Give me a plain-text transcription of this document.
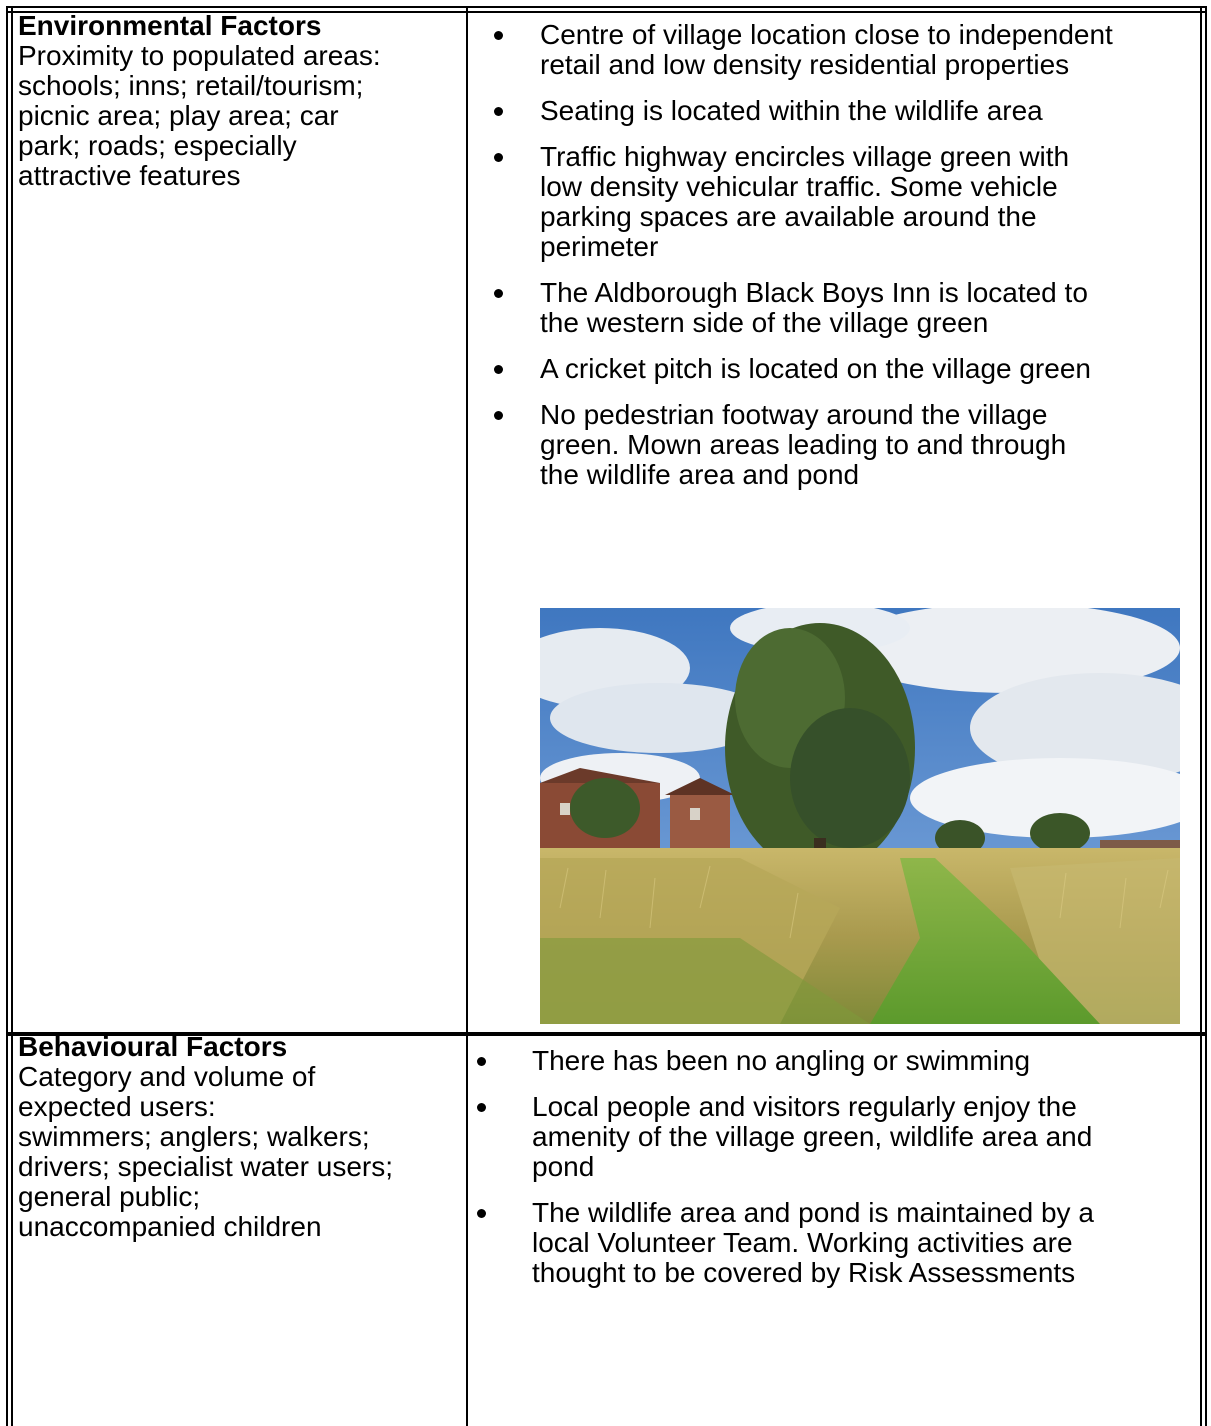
Environmental Factors
Proximity to populated areas:
schools; inns; retail/tourism;
picnic area; play area; car
park; roads; especially
attractive features
Centre of village location close to independent
retail and low density residential properties
Seating is located within the wildlife area
Traffic highway encircles village green with
low density vehicular traffic. Some vehicle
parking spaces are available around the
perimeter
The Aldborough Black Boys Inn is located to
the western side of the village green
A cricket pitch is located on the village green
No pedestrian footway around the village
green. Mown areas leading to and through
the wildlife area and pond
Behavioural Factors
Category and volume of
expected users:
swimmers; anglers; walkers;
drivers; specialist water users;
general public;
unaccompanied children
There has been no angling or swimming
Local people and visitors regularly enjoy the
amenity of the village green, wildlife area and
pond
The wildlife area and pond is maintained by a
local Volunteer Team. Working activities are
thought to be covered by Risk Assessments
